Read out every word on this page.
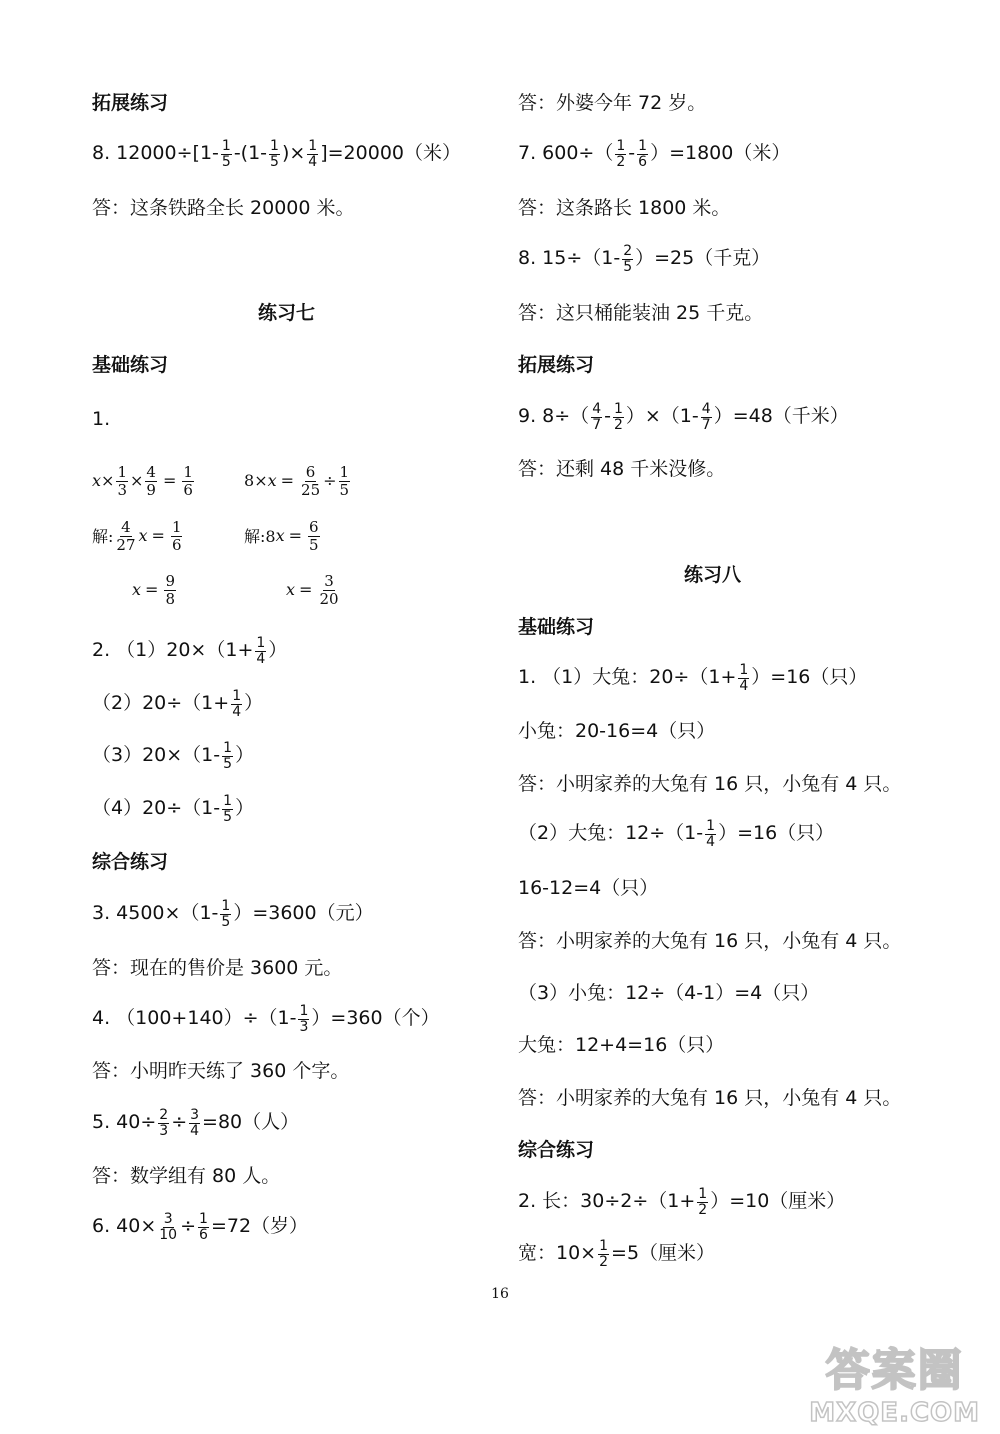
拓展练习
8. $12000\div[1- \frac{1}{5} -(1- \frac{1}{5}$ )× $\frac{1}{4} ]=20000$（米）
答：这条铁路全长 20000 米。
练习七
基础练习
1.
$x \times \frac{1}{3} \times \frac{4}{9} = \frac{1}{6}$	$8 \times x = \frac{6}{25} \div \frac{1}{5}$
解: $\frac{4}{27}$ $x = \frac{1}{6}$	解:8 $x = \frac{6}{5}$
$x = \frac{9}{8}$	$x = \frac{3}{20}$
2. $(1)20\times(1+ \frac{1}{4}$ ）
$(2)20\div(1+ \frac{1}{4}$ ）
$(3)20\times(1- \frac{1}{5}$ ）
$(4)20\div(1- \frac{1}{5}$ ）
综合练习
3. $4500\times(1- \frac{1}{5} )=3600$（元）
答：现在的售价是 3600 元。
4. $(100+140)\div(1- \frac{1}{3} )=360$（个）
答：小明昨天练了 360 个字。
5. $40\div \frac{2}{3} \div \frac{3}{4} =80$（人）
答：数学组有 80 人。
6. $40\times \frac{3}{10} \div \frac{1}{6} =72$（岁）
答：外婆今年 72 岁。
7. $600\div( \frac{1}{2} - \frac{1}{6} )=1800$（米）
答：这条路长 1800 米。
8. $15\div(1- \frac{2}{5} )=25$（千克）
答：这只桶能装油 25 千克。
拓展练习
9. $8\div( \frac{4}{7} - \frac{1}{2} )\times(1- \frac{4}{7} )=48$（千米）
答：还剩 48 千米没修。
练习八
基础练习
1. （1）大兔：$20\div(1+ \frac{1}{4} )=16$（只）
小兔：20-16=4（只）
答：小明家养的大兔有 16 只，小兔有 4 只。
（2）大兔：$12\div(1- \frac{1}{4} )=16$（只）
16-12=4（只）
答：小明家养的大兔有 16 只，小兔有 4 只。
（3）小兔：12÷（4-1）=4（只）
大兔：12+4=16（只）
答：小明家养的大兔有 16 只，小兔有 4 只。
综合练习
2. 长：$30\div 2\div(1+ \frac{1}{2} )=10$（厘米）
宽：$10\times \frac{1}{2} =5$（厘米）
16
答案圈
MXQE.COM
